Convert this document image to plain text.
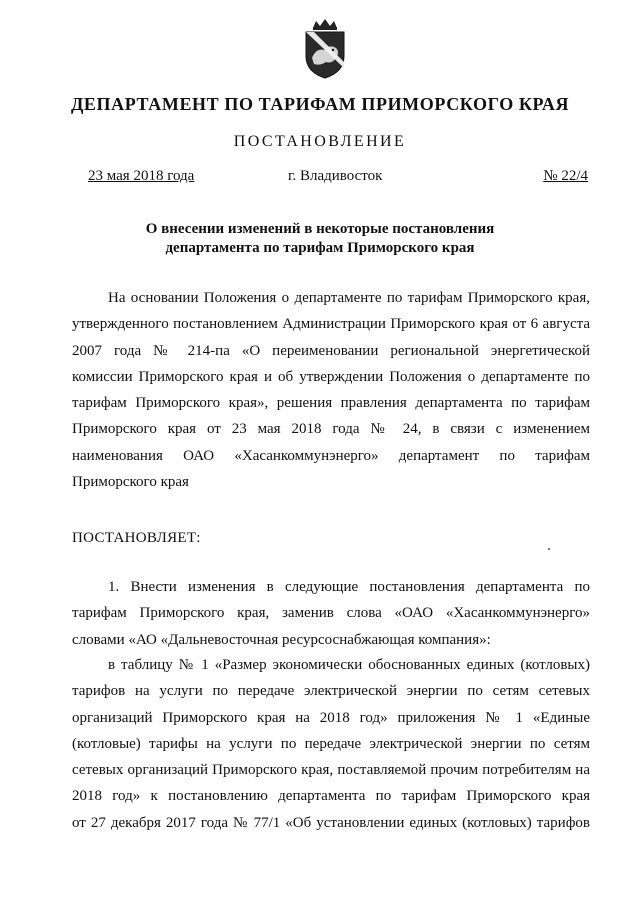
ДЕПАРТАМЕНТ ПО ТАРИФАМ ПРИМОРСКОГО КРАЯ
ПОСТАНОВЛЕНИЕ
23 мая 2018 года	г. Владивосток	№ 22/4
О внесении изменений в некоторые постановления
департамента по тарифам Приморского края
На основании Положения о департаменте по тарифам Приморского края,
утвержденного постановлением Администрации Приморского края от 6 августа
2007 года № 214-па «О переименовании региональной энергетической
комиссии Приморского края и об утверждении Положения о департаменте по
тарифам Приморского края», решения правления департамента по тарифам
Приморского края от 23 мая 2018 года № 24, в связи с изменением
наименования ОАО «Хасанкоммунэнерго» департамент по тарифам
Приморского края
ПОСТАНОВЛЯЕТ:
1. Внести изменения в следующие постановления департамента по
тарифам Приморского края, заменив слова «ОАО «Хасанкоммунэнерго»
словами «АО «Дальневосточная ресурсоснабжающая компания»:
в таблицу № 1 «Размер экономически обоснованных единых (котловых)
тарифов на услуги по передаче электрической энергии по сетям сетевых
организаций Приморского края на 2018 год» приложения № 1 «Единые
(котловые) тарифы на услуги по передаче электрической энергии по сетям
сетевых организаций Приморского края, поставляемой прочим потребителям на
2018 год» к постановлению департамента по тарифам Приморского края
от 27 декабря 2017 года № 77/1 «Об установлении единых (котловых) тарифов
